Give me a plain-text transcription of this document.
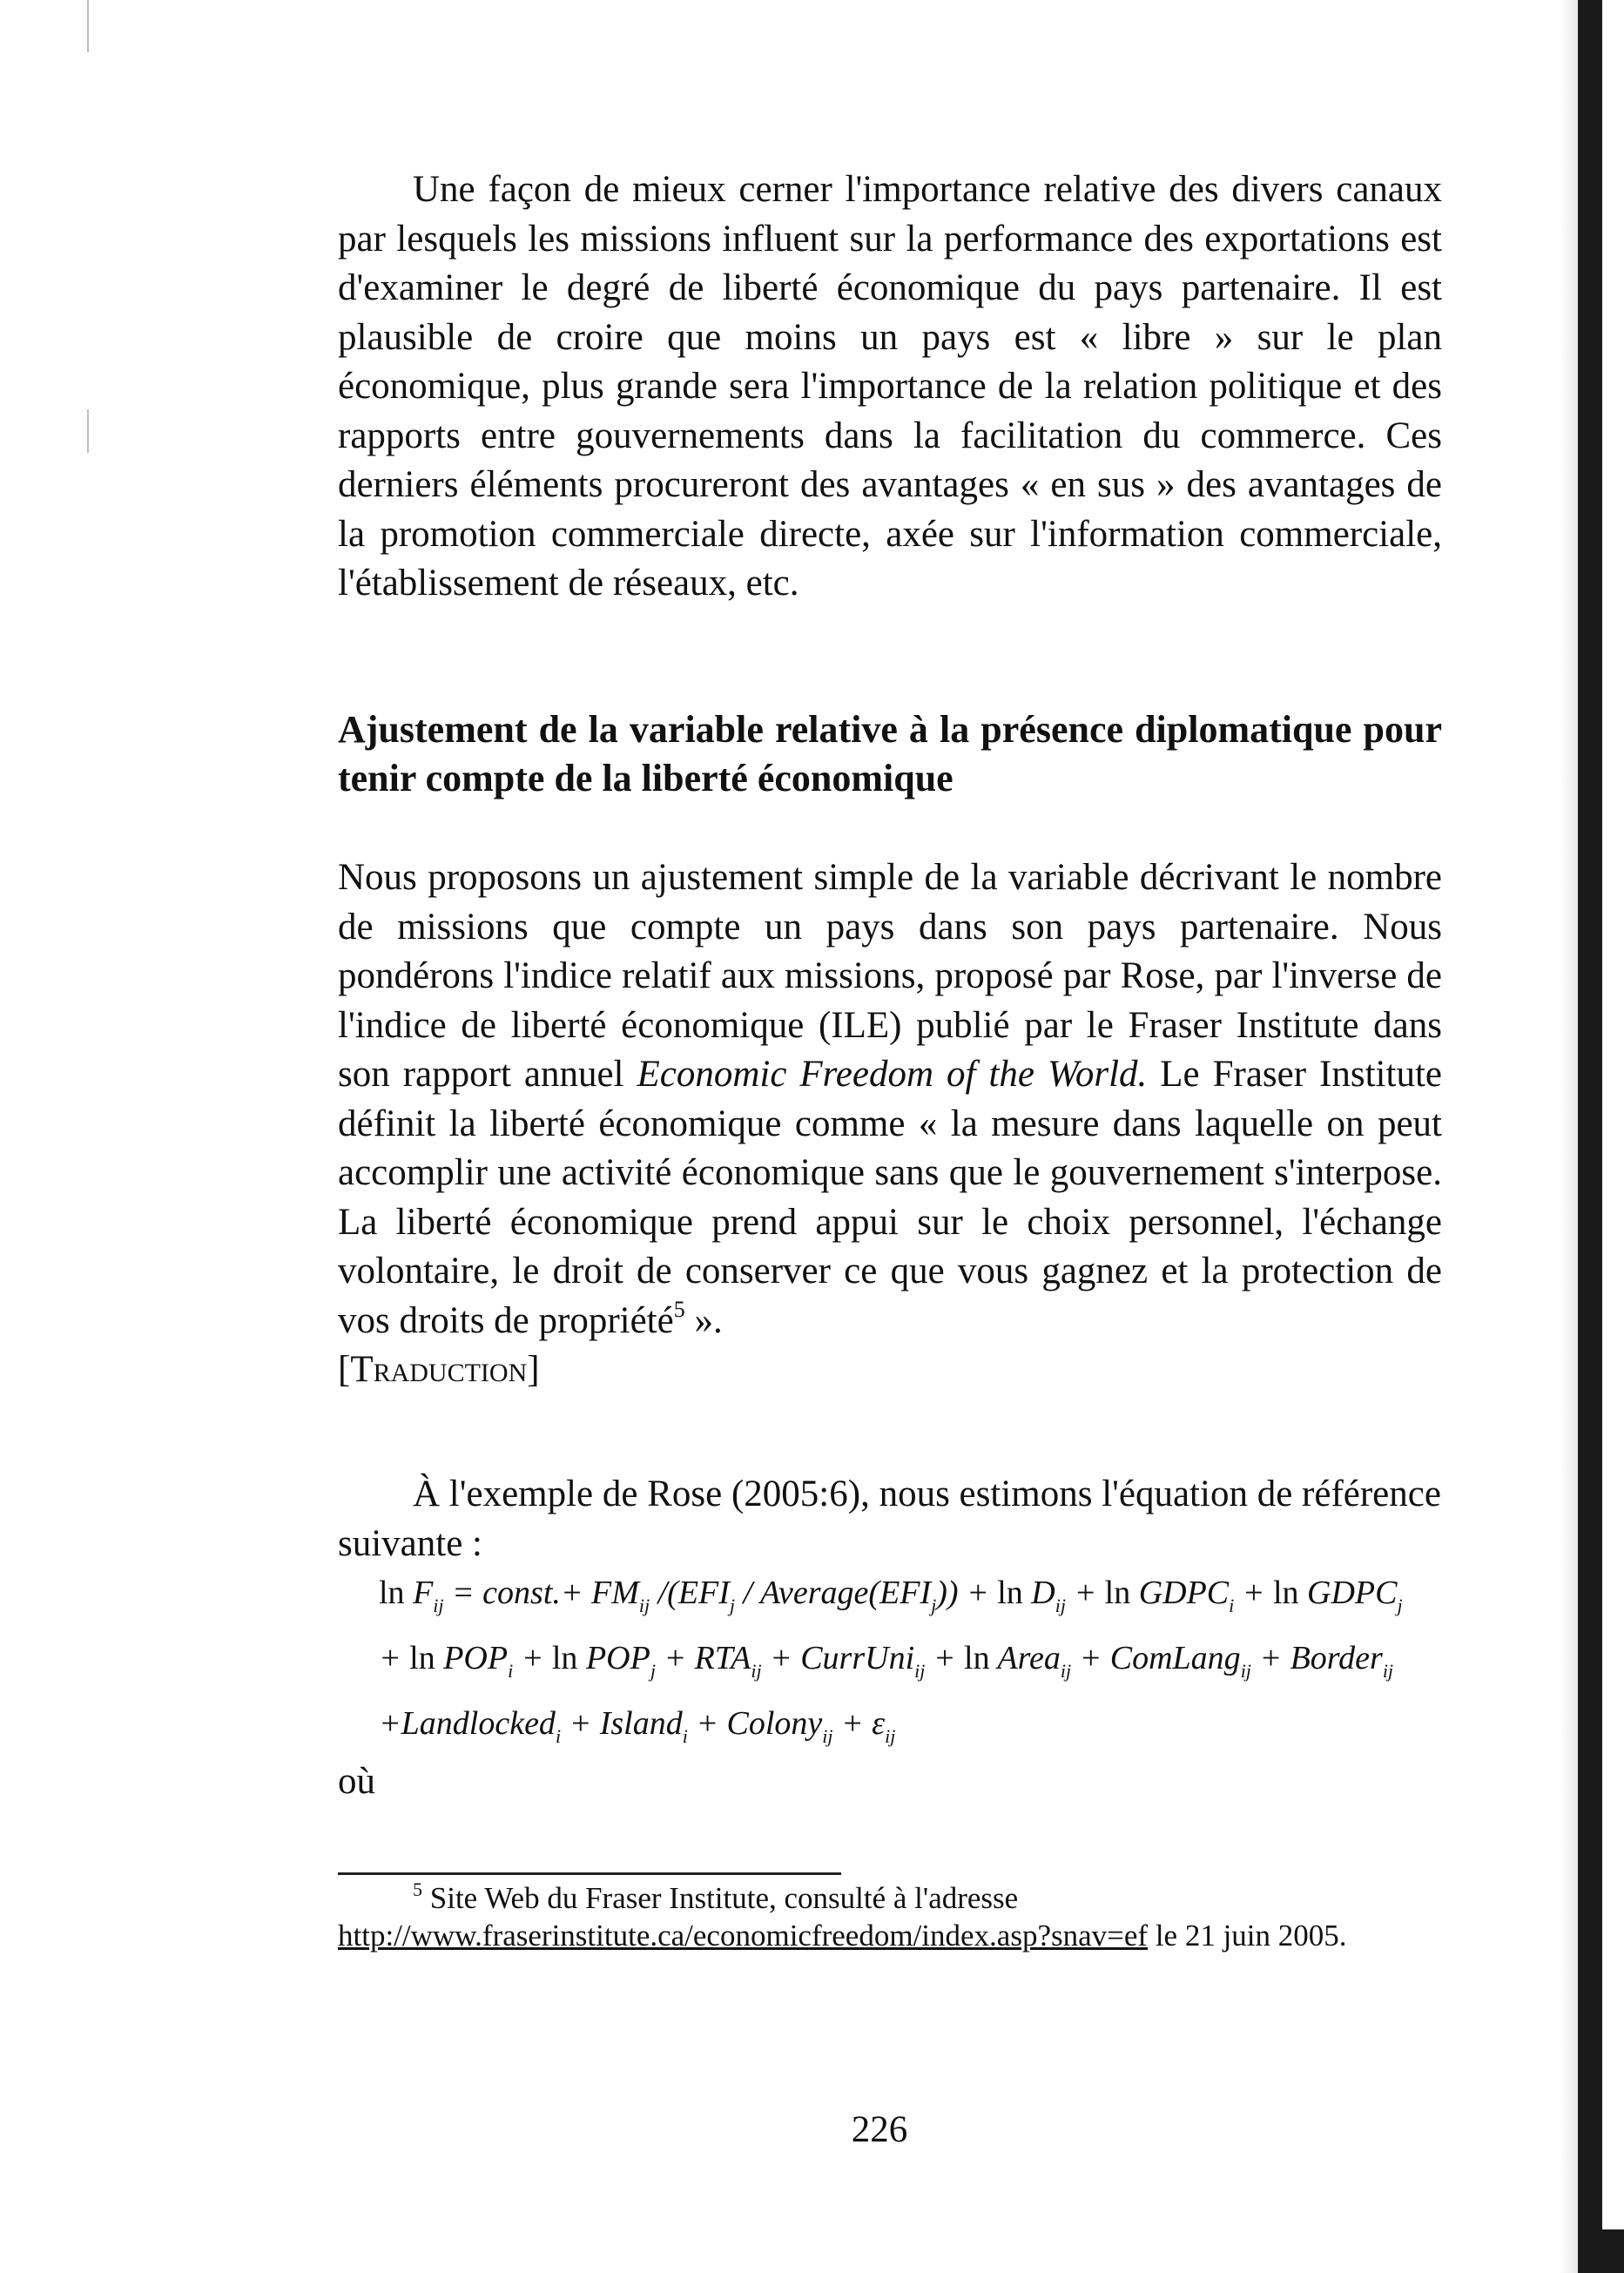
Une façon de mieux cerner l'importance relative des divers canaux par lesquels les missions influent sur la performance des exportations est d'examiner le degré de liberté économique du pays partenaire. Il est plausible de croire que moins un pays est « libre » sur le plan économique, plus grande sera l'importance de la relation politique et des rapports entre gouvernements dans la facilitation du commerce. Ces derniers éléments procureront des avantages « en sus » des avantages de la promotion commerciale directe, axée sur l'information commerciale, l'établissement de réseaux, etc.

Ajustement de la variable relative à la présence diplomatique pour tenir compte de la liberté économique

Nous proposons un ajustement simple de la variable décrivant le nombre de missions que compte un pays dans son pays partenaire. Nous pondérons l'indice relatif aux missions, proposé par Rose, par l'inverse de l'indice de liberté économique (ILE) publié par le Fraser Institute dans son rapport annuel Economic Freedom of the World. Le Fraser Institute définit la liberté économique comme « la mesure dans laquelle on peut accomplir une activité économique sans que le gouvernement s'interpose. La liberté économique prend appui sur le choix personnel, l'échange volontaire, le droit de conserver ce que vous gagnez et la protection de vos droits de propriété$^5$ ».
[Traduction]

À l'exemple de Rose (2005:6), nous estimons l'équation de référence suivante :

$\ln F_{ij}$ = const.+ $FM_{ij}$ $/(EFI_j$ / $Average(EFI_j)) + \ln D_{ij} + \ln$ $GDPC_i + \ln$ $GDPC_j$
+ $\ln POP_i + \ln POP_j + RTA_{ij}$ + CurrUni$_{ij}$ + ln Area$_{ij}$ + ComLang$_{ij}$ + Border$_{ij}$
+Landlocked$_i$ + Island$_i$ + Colony$_{ij}$ + $\varepsilon_{ij}$

où

$^5$ Site Web du Fraser Institute, consulté à l'adresse
http://www.fraserinstitute.ca/economicfreedom/index.asp?snav=ef le 21 juin 2005.

226
